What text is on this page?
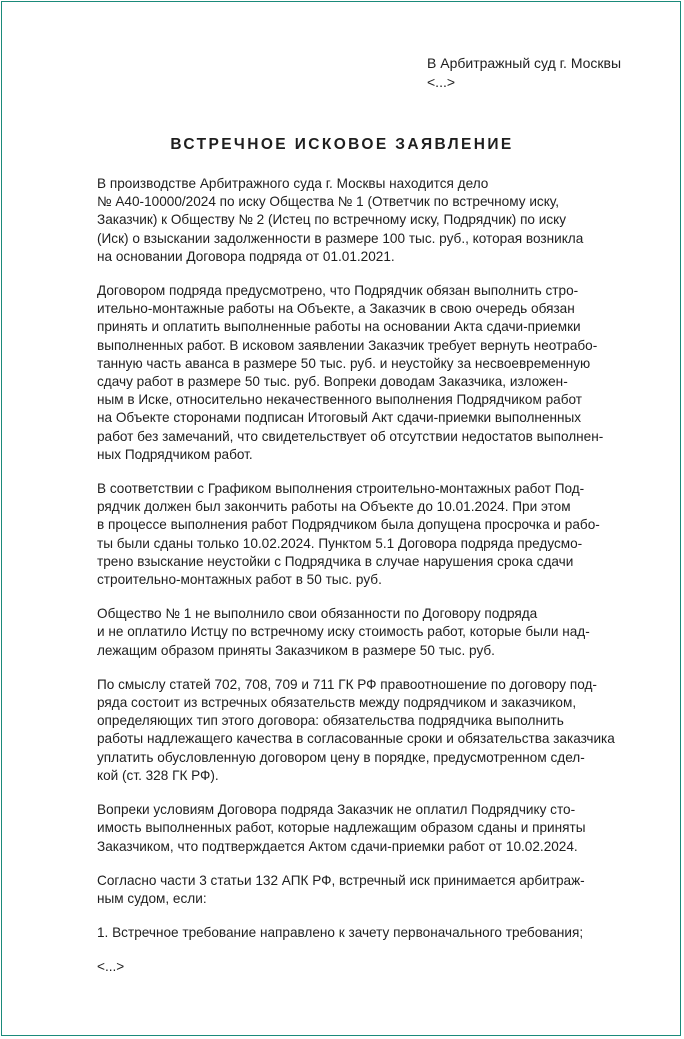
В Арбитражный суд г. Москвы
<...>
ВСТРЕЧНОЕ ИСКОВОЕ ЗАЯВЛЕНИЕ
В производстве Арбитражного суда г. Москвы находится дело
№ А40-10000/2024 по иску Общества № 1 (Ответчик по встречному иску,
Заказчик) к Обществу № 2 (Истец по встречному иску, Подрядчик) по иску
(Иск) о взыскании задолженности в размере 100 тыс. руб., которая возникла
на основании Договора подряда от 01.01.2021.
Договором подряда предусмотрено, что Подрядчик обязан выполнить стро-
ительно-монтажные работы на Объекте, а Заказчик в свою очередь обязан
принять и оплатить выполненные работы на основании Акта сдачи-приемки
выполненных работ. В исковом заявлении Заказчик требует вернуть неотрабо-
танную часть аванса в размере 50 тыс. руб. и неустойку за несвоевременную
сдачу работ в размере 50 тыс. руб. Вопреки доводам Заказчика, изложен-
ным в Иске, относительно некачественного выполнения Подрядчиком работ
на Объекте сторонами подписан Итоговый Акт сдачи-приемки выполненных
работ без замечаний, что свидетельствует об отсутствии недостатов выполнен-
ных Подрядчиком работ.
В соответствии с Графиком выполнения строительно-монтажных работ Под-
рядчик должен был закончить работы на Объекте до 10.01.2024. При этом
в процессе выполнения работ Подрядчиком была допущена просрочка и рабо-
ты были сданы только 10.02.2024. Пунктом 5.1 Договора подряда предусмо-
трено взыскание неустойки с Подрядчика в случае нарушения срока сдачи
строительно-монтажных работ в 50 тыс. руб.
Общество № 1 не выполнило свои обязанности по Договору подряда
и не оплатило Истцу по встречному иску стоимость работ, которые были над-
лежащим образом приняты Заказчиком в размере 50 тыс. руб.
По смыслу статей 702, 708, 709 и 711 ГК РФ правоотношение по договору под-
ряда состоит из встречных обязательств между подрядчиком и заказчиком,
определяющих тип этого договора: обязательства подрядчика выполнить
работы надлежащего качества в согласованные сроки и обязательства заказчика
уплатить обусловленную договором цену в порядке, предусмотренном сдел-
кой (ст. 328 ГК РФ).
Вопреки условиям Договора подряда Заказчик не оплатил Подрядчику сто-
имость выполненных работ, которые надлежащим образом сданы и приняты
Заказчиком, что подтверждается Актом сдачи-приемки работ от 10.02.2024.
Согласно части 3 статьи 132 АПК РФ, встречный иск принимается арбитраж-
ным судом, если:
1. Встречное требование направлено к зачету первоначального требования;
<...>
